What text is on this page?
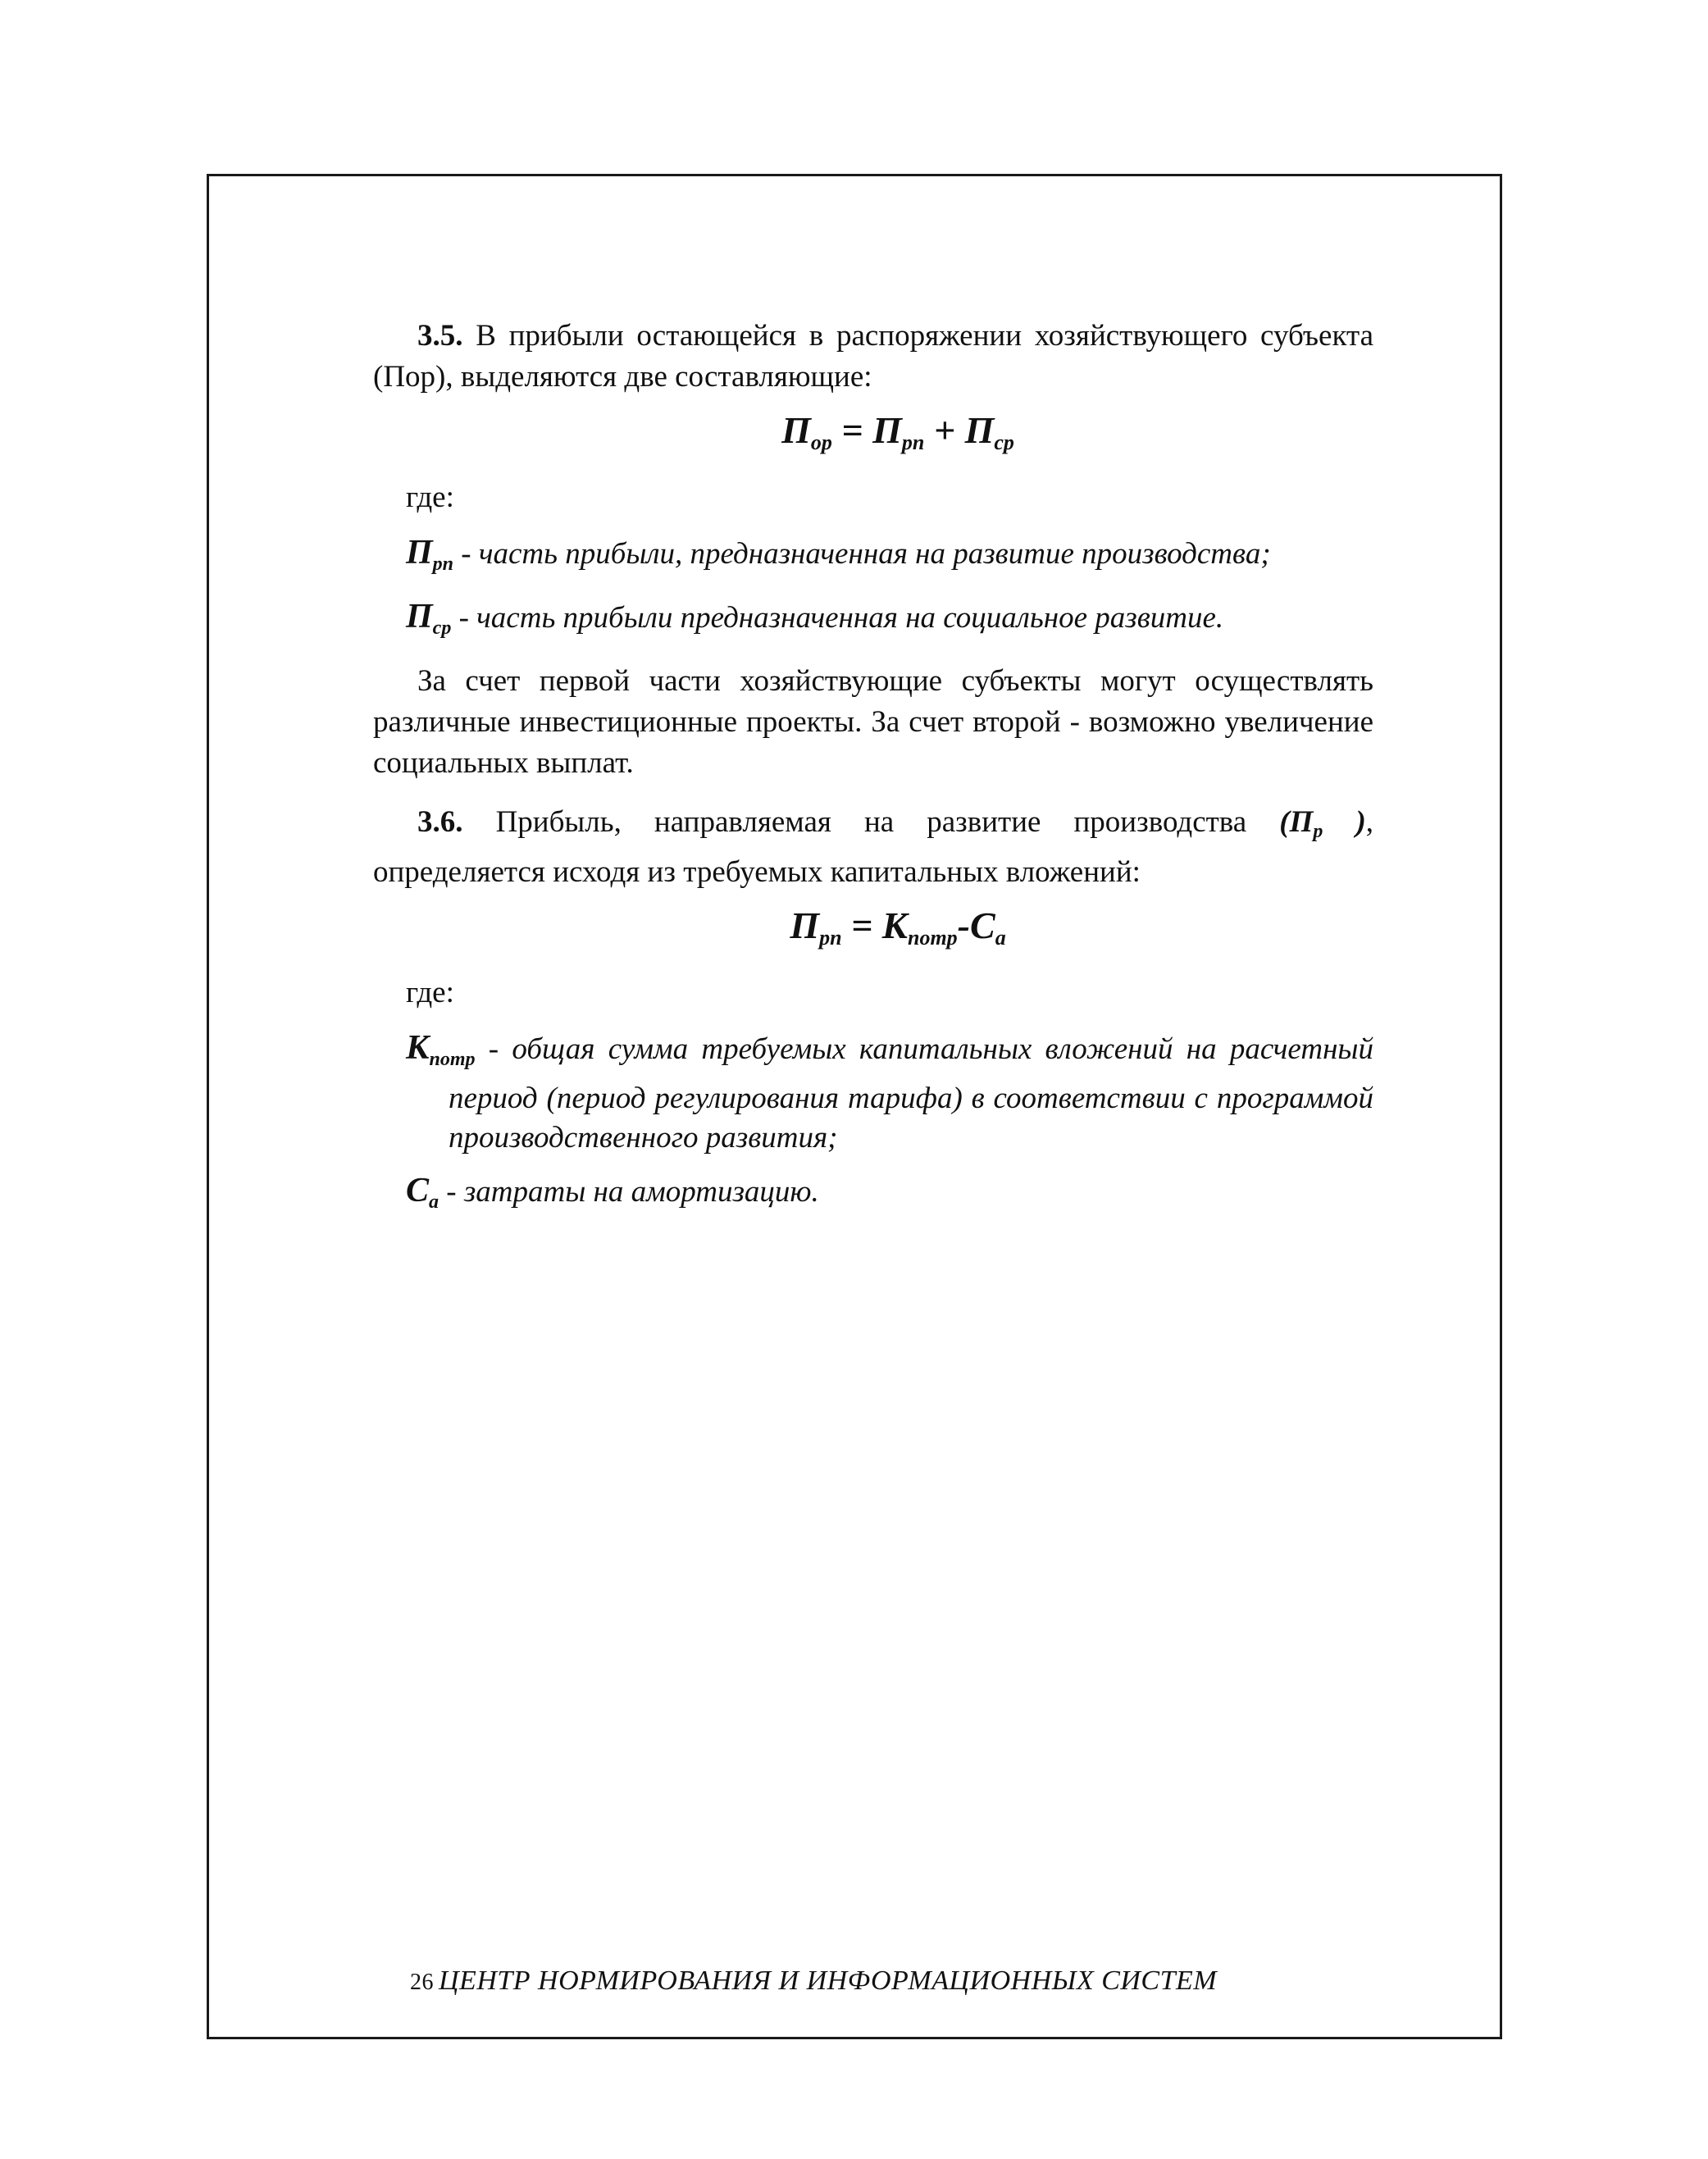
3.5. В прибыли остающейся в распоряжении хозяйствующего субъекта (Пор), выделяются две составляющие:

$П_{ор} = П_{рп} + П_{ср}$
где:

$П_{рп}$ - часть прибыли, предназначенная на развитие производства;

$П_{ср}$ - часть прибыли предназначенная на социальное развитие.

За счет первой части хозяйствующие субъекты могут осуществлять различные инвестиционные проекты. За счет второй - возможно увеличение социальных выплат.

3.6. Прибыль, направляемая на развитие производства ($П_р$ ), определяется исходя из требуемых капитальных вложений:

$П_{рп} = К_{потр}-С_а$
где:

$К_{потр}$ - общая сумма требуемых капитальных вложений на расчетный период (период регулирования тарифа) в соответствии с программой производственного развития;

$С_а$ - затраты на амортизацию.

26 ЦЕНТР НОРМИРОВАНИЯ И ИНФОРМАЦИОННЫХ СИСТЕМ
